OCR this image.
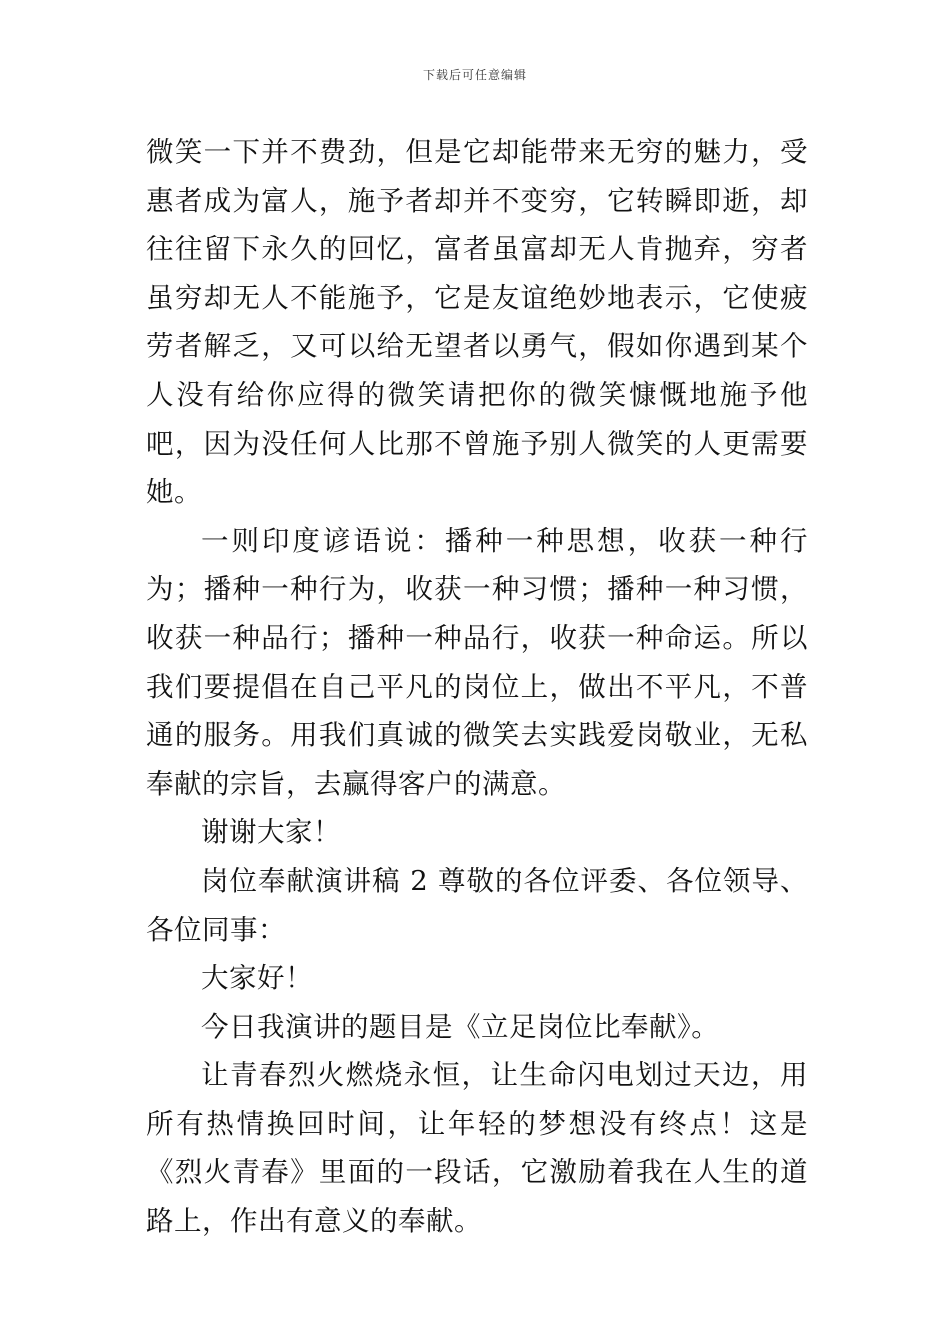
下载后可任意编辑

微笑一下并不费劲，但是它却能带来无穷的魅力，受惠者成为富人，施予者却并不变穷，它转瞬即逝，却往往留下永久的回忆，富者虽富却无人肯抛弃，穷者虽穷却无人不能施予，它是友谊绝妙地表示，它使疲劳者解乏，又可以给无望者以勇气，假如你遇到某个人没有给你应得的微笑请把你的微笑慷慨地施予他吧，因为没任何人比那不曾施予别人微笑的人更需要她。

一则印度谚语说：播种一种思想，收获一种行为；播种一种行为，收获一种习惯；播种一种习惯，收获一种品行；播种一种品行，收获一种命运。所以我们要提倡在自己平凡的岗位上，做出不平凡，不普通的服务。用我们真诚的微笑去实践爱岗敬业，无私奉献的宗旨，去赢得客户的满意。

谢谢大家！

岗位奉献演讲稿 2 尊敬的各位评委、各位领导、各位同事：

大家好！

今日我演讲的题目是《立足岗位比奉献》。

让青春烈火燃烧永恒，让生命闪电划过天边，用所有热情换回时间，让年轻的梦想没有终点！这是《烈火青春》里面的一段话，它激励着我在人生的道路上，作出有意义的奉献。
